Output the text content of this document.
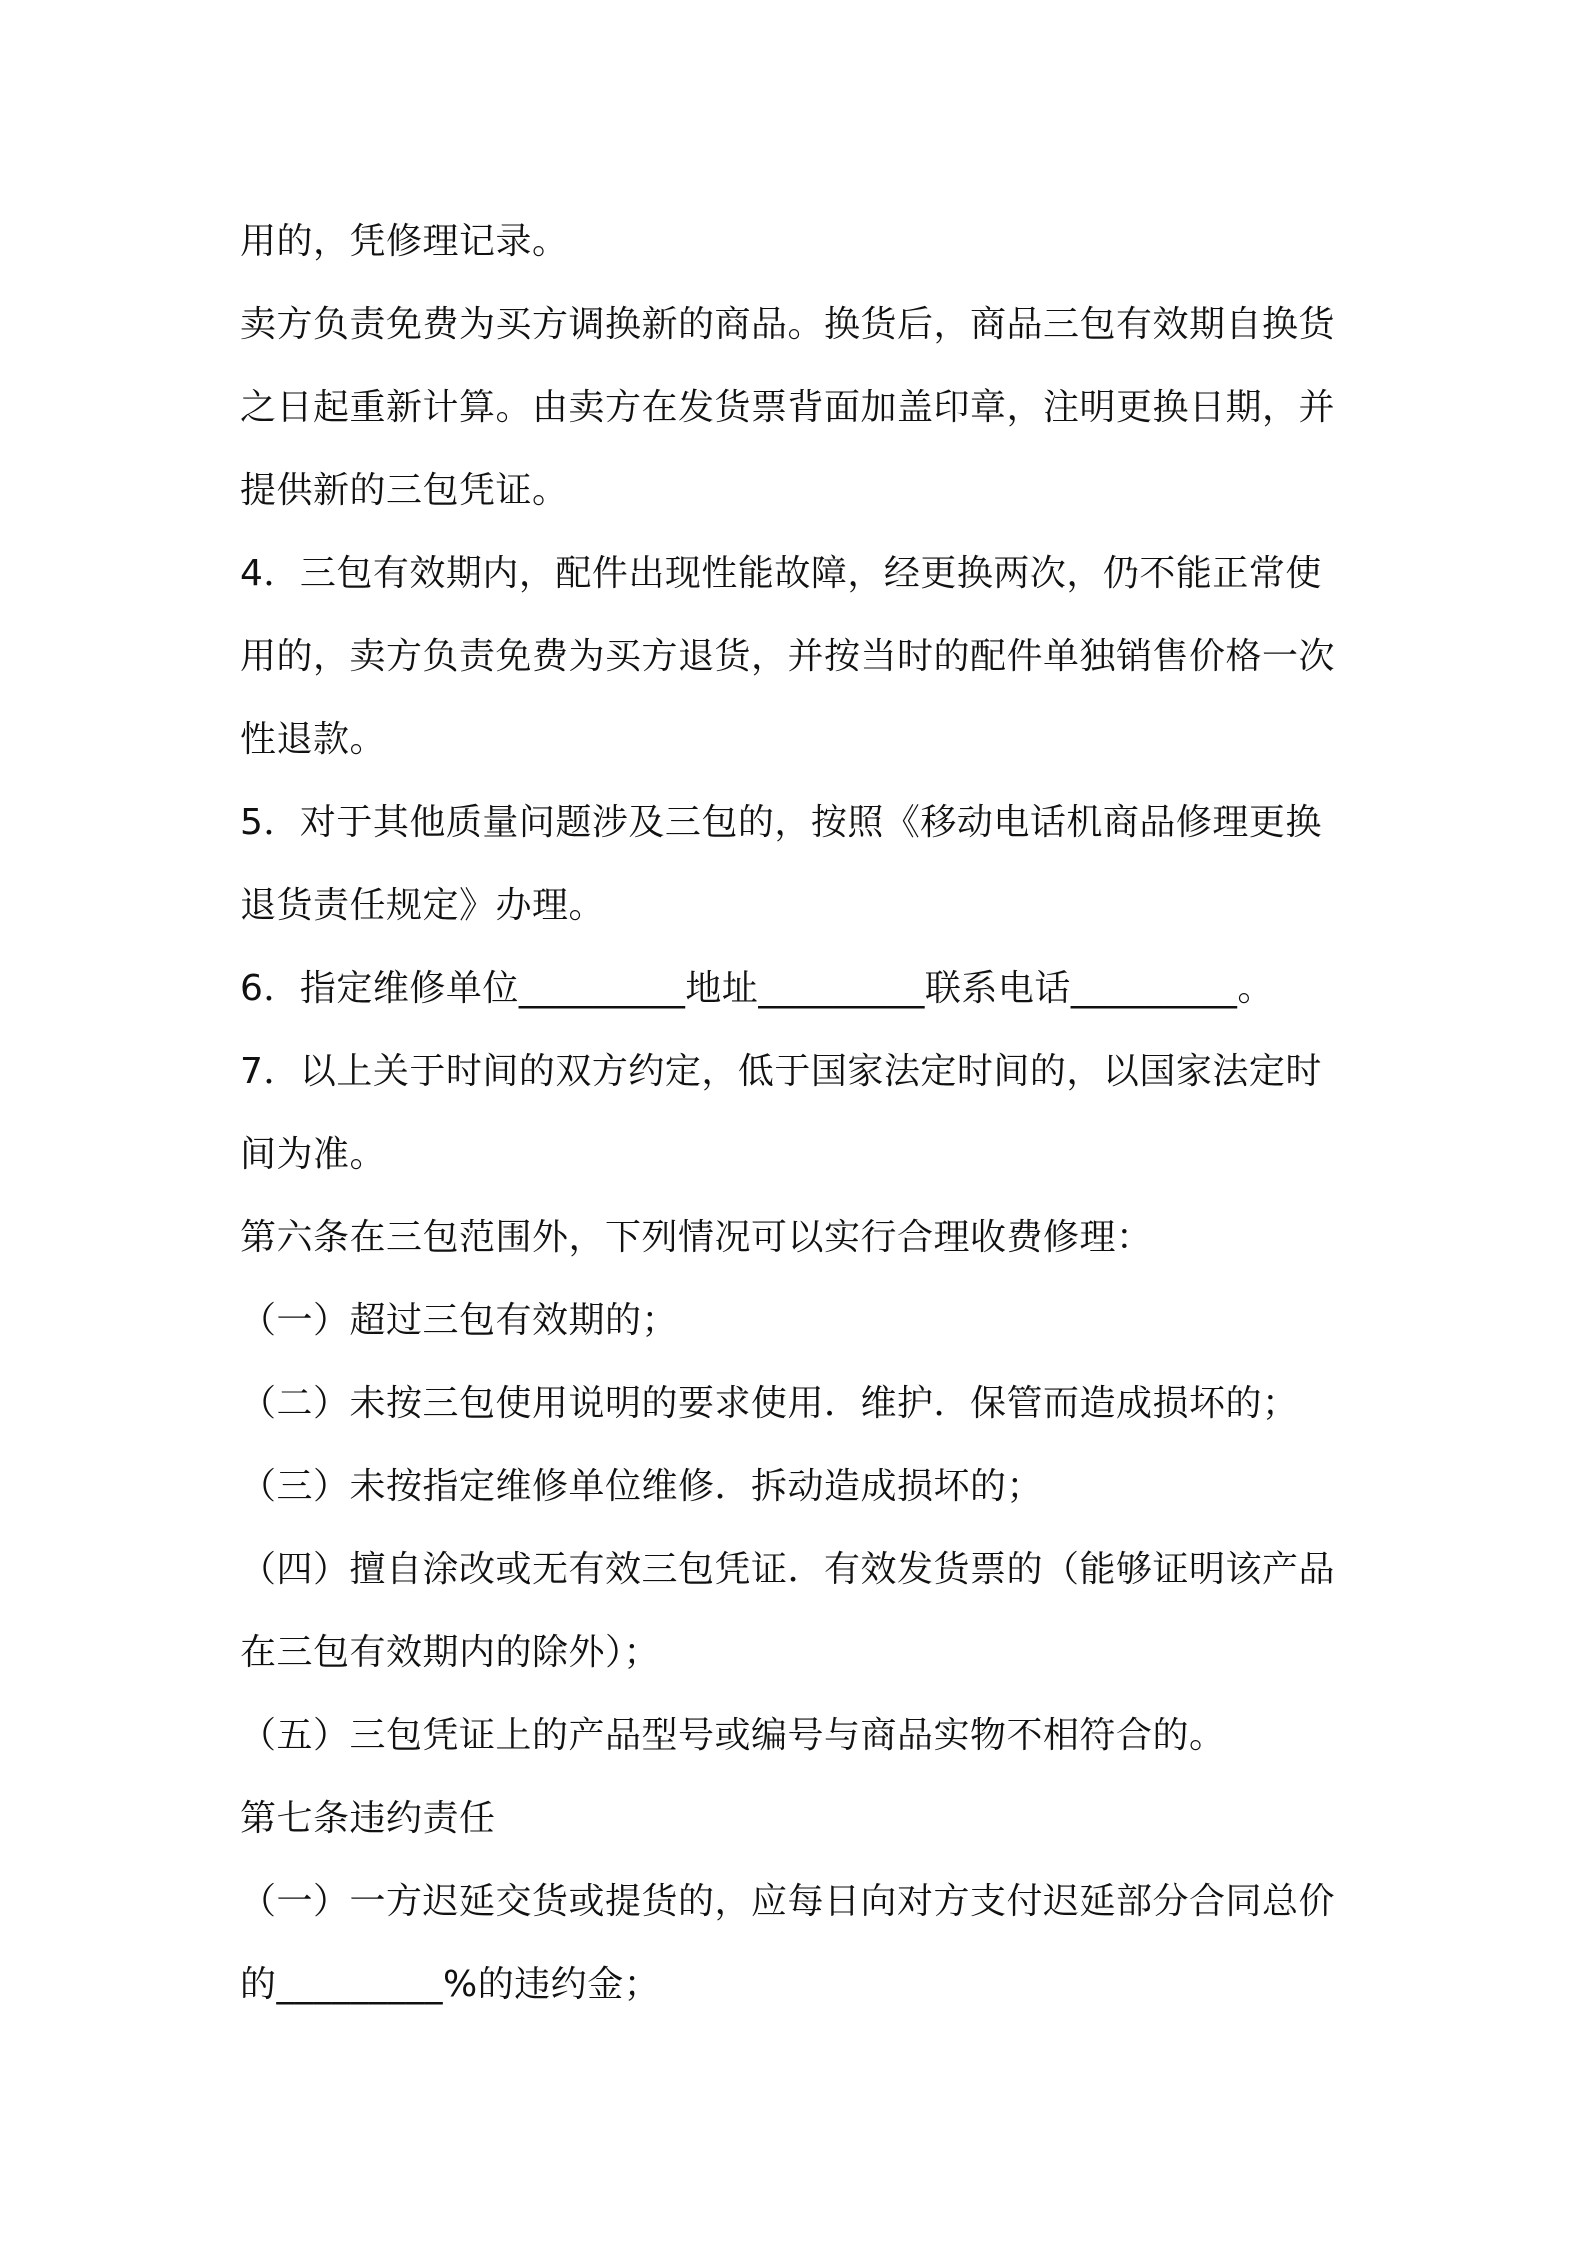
用的，凭修理记录。
卖方负责免费为买方调换新的商品。换货后，商品三包有效期自换货
之日起重新计算。由卖方在发货票背面加盖印章，注明更换日期，并
提供新的三包凭证。
4．三包有效期内，配件出现性能故障，经更换两次，仍不能正常使
用的，卖方负责免费为买方退货，并按当时的配件单独销售价格一次
性退款。
5．对于其他质量问题涉及三包的，按照《移动电话机商品修理更换
退货责任规定》办理。
6．指定维修单位_________地址_________联系电话_________。
7．以上关于时间的双方约定，低于国家法定时间的，以国家法定时
间为准。
第六条在三包范围外，下列情况可以实行合理收费修理：
（一）超过三包有效期的；
（二）未按三包使用说明的要求使用．维护．保管而造成损坏的；
（三）未按指定维修单位维修．拆动造成损坏的；
（四）擅自涂改或无有效三包凭证．有效发货票的（能够证明该产品
在三包有效期内的除外）；
（五）三包凭证上的产品型号或编号与商品实物不相符合的。
第七条违约责任
（一）一方迟延交货或提货的，应每日向对方支付迟延部分合同总价
的_________%的违约金；
